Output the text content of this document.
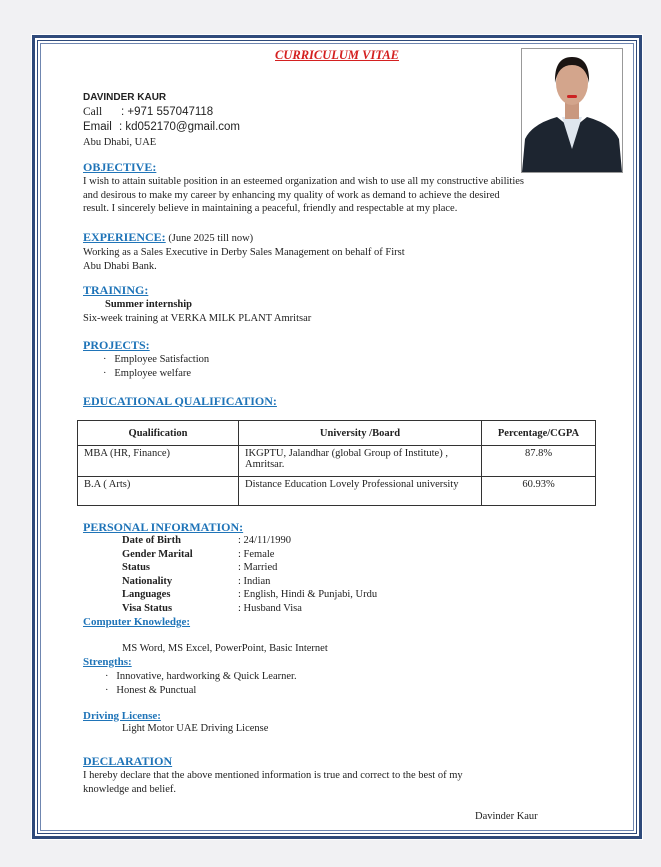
CURRICULUM VITAE
DAVINDER KAUR
Call : +971 557047118
Email : kd052170@gmail.com
Abu Dhabi, UAE
OBJECTIVE:
I wish to attain suitable position in an esteemed organization and wish to use all my constructive abilities
and desirous to make my career by enhancing my quality of work as demand to achieve the desired
result. I sincerely believe in maintaining a peaceful, friendly and respectable at my place.
EXPERIENCE: (June 2025 till now)
Working as a Sales Executive in Derby Sales Management on behalf of First
Abu Dhabi Bank.
TRAINING:
Summer internship
Six-week training at VERKA MILK PLANT Amritsar
PROJECTS:
·   Employee Satisfaction
·   Employee welfare
EDUCATIONAL QUALIFICATION:
Qualification	University /Board	Percentage/CGPA
MBA (HR, Finance)	IKGPTU, Jalandhar (global Group of Institute) , Amritsar.	87.8%
B.A ( Arts)	Distance Education Lovely Professional university	60.93%
PERSONAL INFORMATION:
Date of Birth	: 24/11/1990
Gender Marital	: Female
Status	: Married
Nationality	: Indian
Languages	: English, Hindi & Punjabi, Urdu
Visa Status	: Husband Visa
Computer Knowledge:
MS Word, MS Excel, PowerPoint, Basic Internet
Strengths:
·   Innovative, hardworking & Quick Learner.
·   Honest & Punctual
Driving License:
Light Motor UAE Driving License
DECLARATION
I hereby declare that the above mentioned information is true and correct to the best of my
knowledge and belief.
Davinder Kaur
